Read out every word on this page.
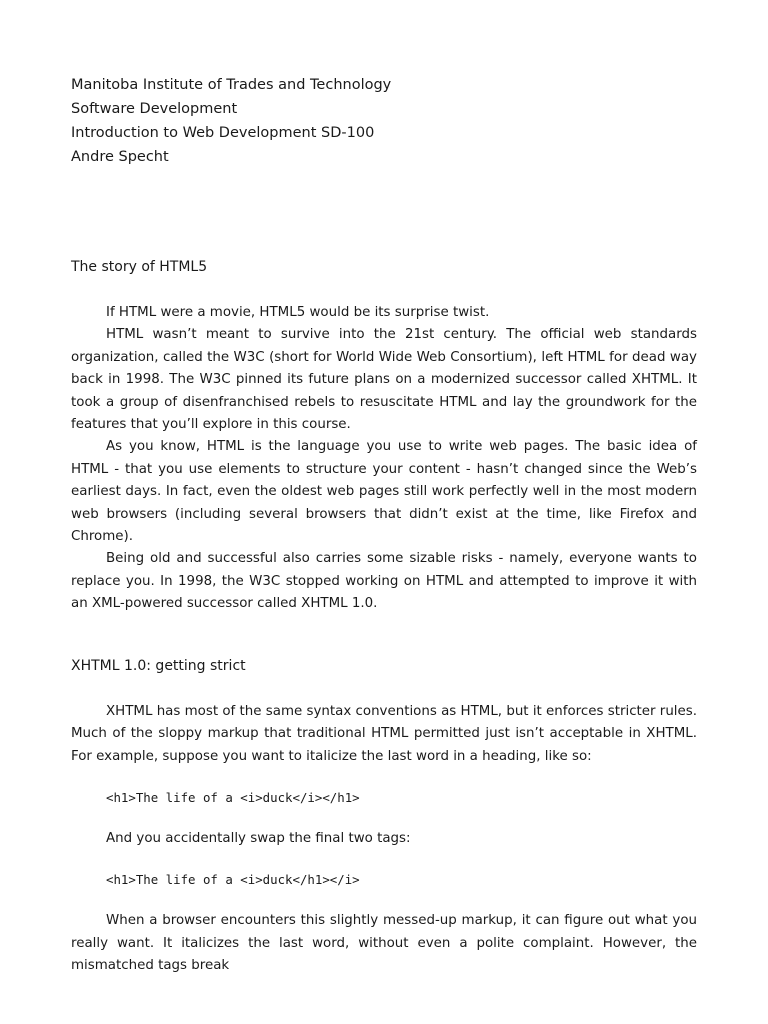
Manitoba Institute of Trades and Technology

Software Development

Introduction to Web Development SD-100

Andre Specht

The story of HTML5

If HTML were a movie, HTML5 would be its surprise twist.

HTML wasn’t meant to survive into the 21st century. The official web standards organization, called the W3C (short for World Wide Web Consortium), left HTML for dead way back in 1998. The W3C pinned its future plans on a modernized successor called XHTML. It took a group of disenfranchised rebels to resuscitate HTML and lay the groundwork for the features that you’ll explore in this course.

As you know, HTML is the language you use to write web pages. The basic idea of HTML - that you use elements to structure your content - hasn’t changed since the Web’s earliest days. In fact, even the oldest web pages still work perfectly well in the most modern web browsers (including several browsers that didn’t exist at the time, like Firefox and Chrome).

Being old and successful also carries some sizable risks - namely, everyone wants to replace you. In 1998, the W3C stopped working on HTML and attempted to improve it with an XML-powered successor called XHTML 1.0.

XHTML 1.0: getting strict

XHTML has most of the same syntax conventions as HTML, but it enforces stricter rules. Much of the sloppy markup that traditional HTML permitted just isn’t acceptable in XHTML. For example, suppose you want to italicize the last word in a heading, like so:

<h1>The life of a <i>duck</i></h1>

And you accidentally swap the final two tags:

<h1>The life of a <i>duck</h1></i>

When a browser encounters this slightly messed-up markup, it can figure out what you really want. It italicizes the last word, without even a polite complaint. However, the mismatched tags break
